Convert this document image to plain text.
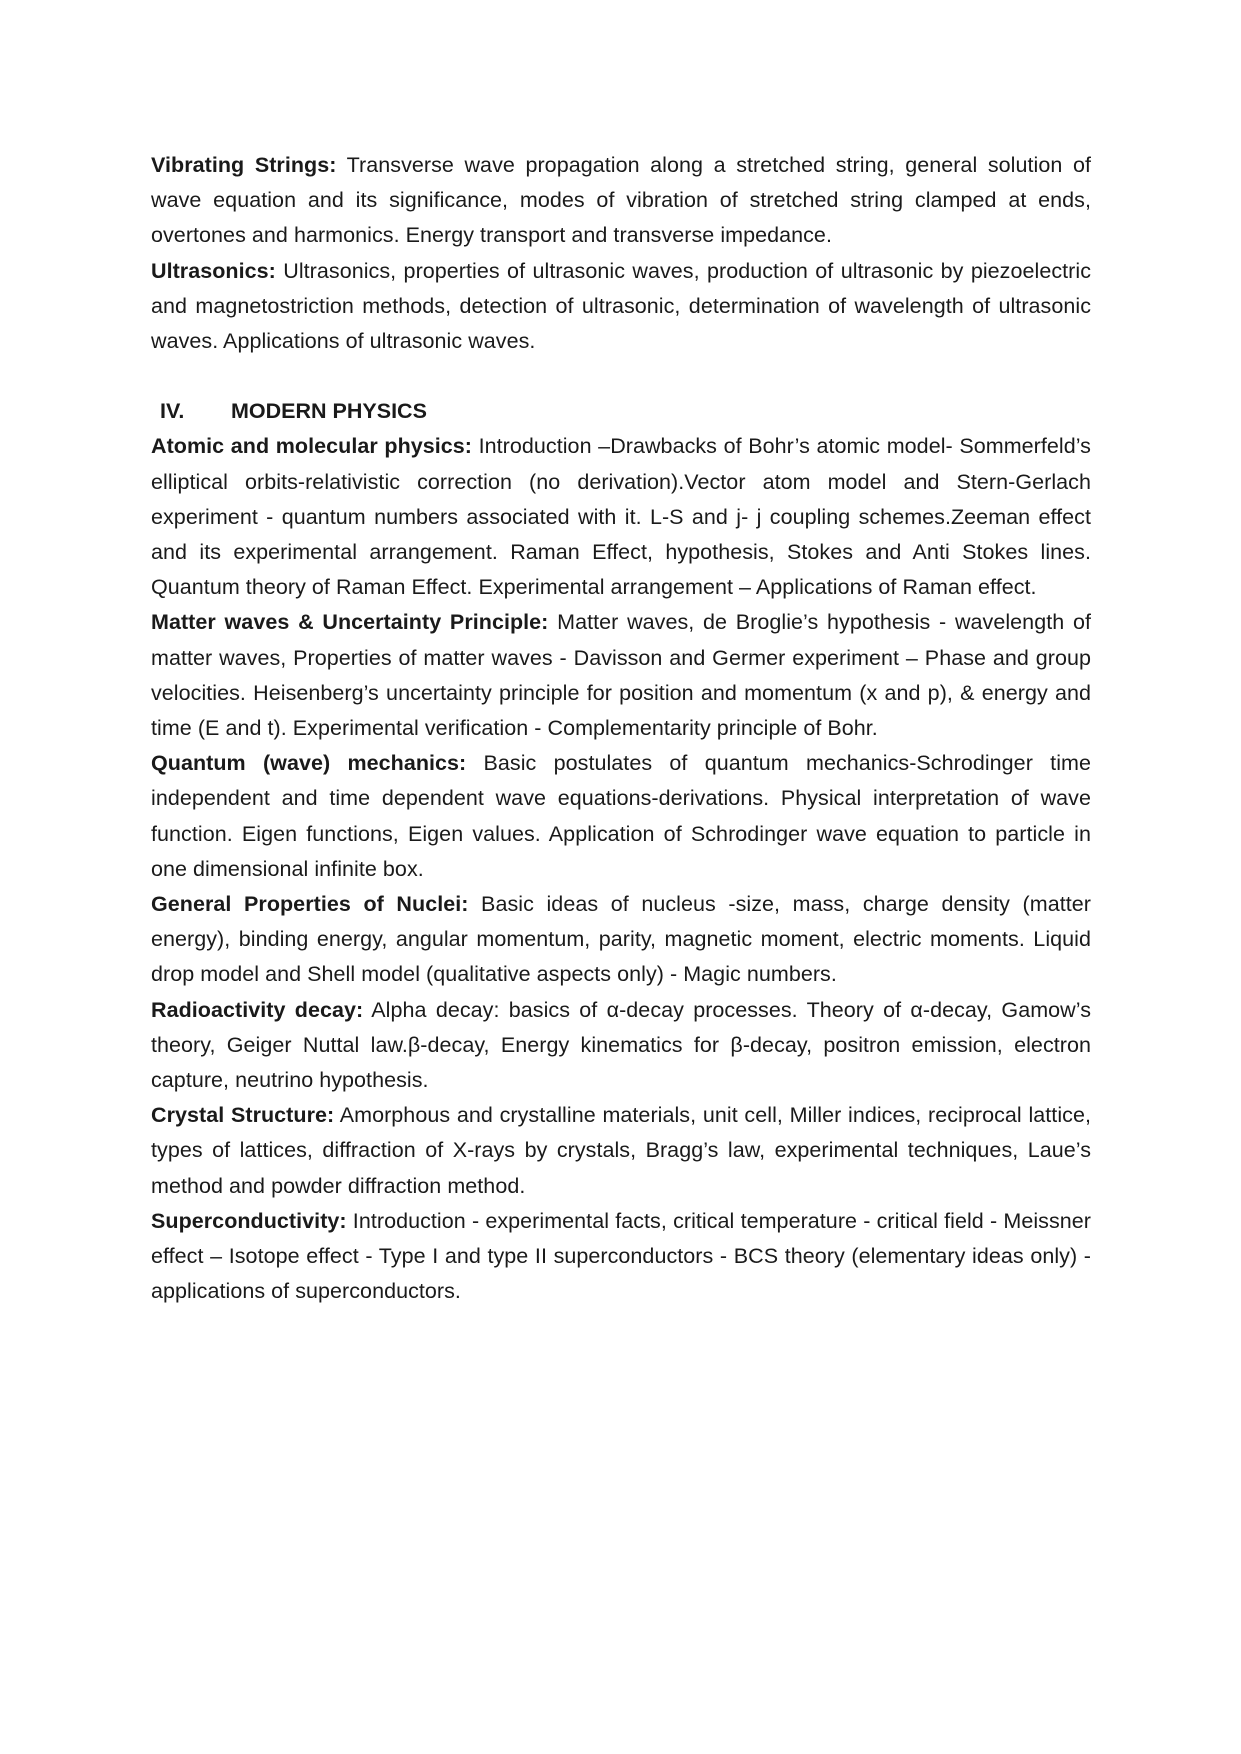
Vibrating Strings: Transverse wave propagation along a stretched string, general solution of wave equation and its significance, modes of vibration of stretched string clamped at ends, overtones and harmonics. Energy transport and transverse impedance.

Ultrasonics: Ultrasonics, properties of ultrasonic waves, production of ultrasonic by piezoelectric and magnetostriction methods, detection of ultrasonic, determination of wavelength of ultrasonic waves. Applications of ultrasonic waves.

IV.	MODERN PHYSICS

Atomic and molecular physics: Introduction –Drawbacks of Bohr’s atomic model- Sommerfeld’s elliptical orbits-relativistic correction (no derivation).Vector atom model and Stern-Gerlach experiment - quantum numbers associated with it. L-S and j- j coupling schemes.Zeeman effect and its experimental arrangement. Raman Effect, hypothesis, Stokes and Anti Stokes lines. Quantum theory of Raman Effect. Experimental arrangement – Applications of Raman effect.

Matter waves & Uncertainty Principle: Matter waves, de Broglie’s hypothesis - wavelength of matter waves, Properties of matter waves - Davisson and Germer experiment – Phase and group velocities. Heisenberg’s uncertainty principle for position and momentum (x and p), & energy and time (E and t). Experimental verification - Complementarity principle of Bohr.

Quantum (wave) mechanics: Basic postulates of quantum mechanics-Schrodinger time independent and time dependent wave equations-derivations. Physical interpretation of wave function. Eigen functions, Eigen values. Application of Schrodinger wave equation to particle in one dimensional infinite box.

General Properties of Nuclei: Basic ideas of nucleus -size, mass, charge density (matter energy), binding energy, angular momentum, parity, magnetic moment, electric moments. Liquid drop model and Shell model (qualitative aspects only) - Magic numbers.

Radioactivity decay: Alpha decay: basics of α-decay processes. Theory of α-decay, Gamow’s theory, Geiger Nuttal law.β-decay, Energy kinematics for β-decay, positron emission, electron capture, neutrino hypothesis.

Crystal Structure: Amorphous and crystalline materials, unit cell, Miller indices, reciprocal lattice, types of lattices, diffraction of X-rays by crystals, Bragg’s law, experimental techniques, Laue’s method and powder diffraction method.

Superconductivity: Introduction - experimental facts, critical temperature - critical field - Meissner effect – Isotope effect - Type I and type II superconductors - BCS theory (elementary ideas only) - applications of superconductors.
